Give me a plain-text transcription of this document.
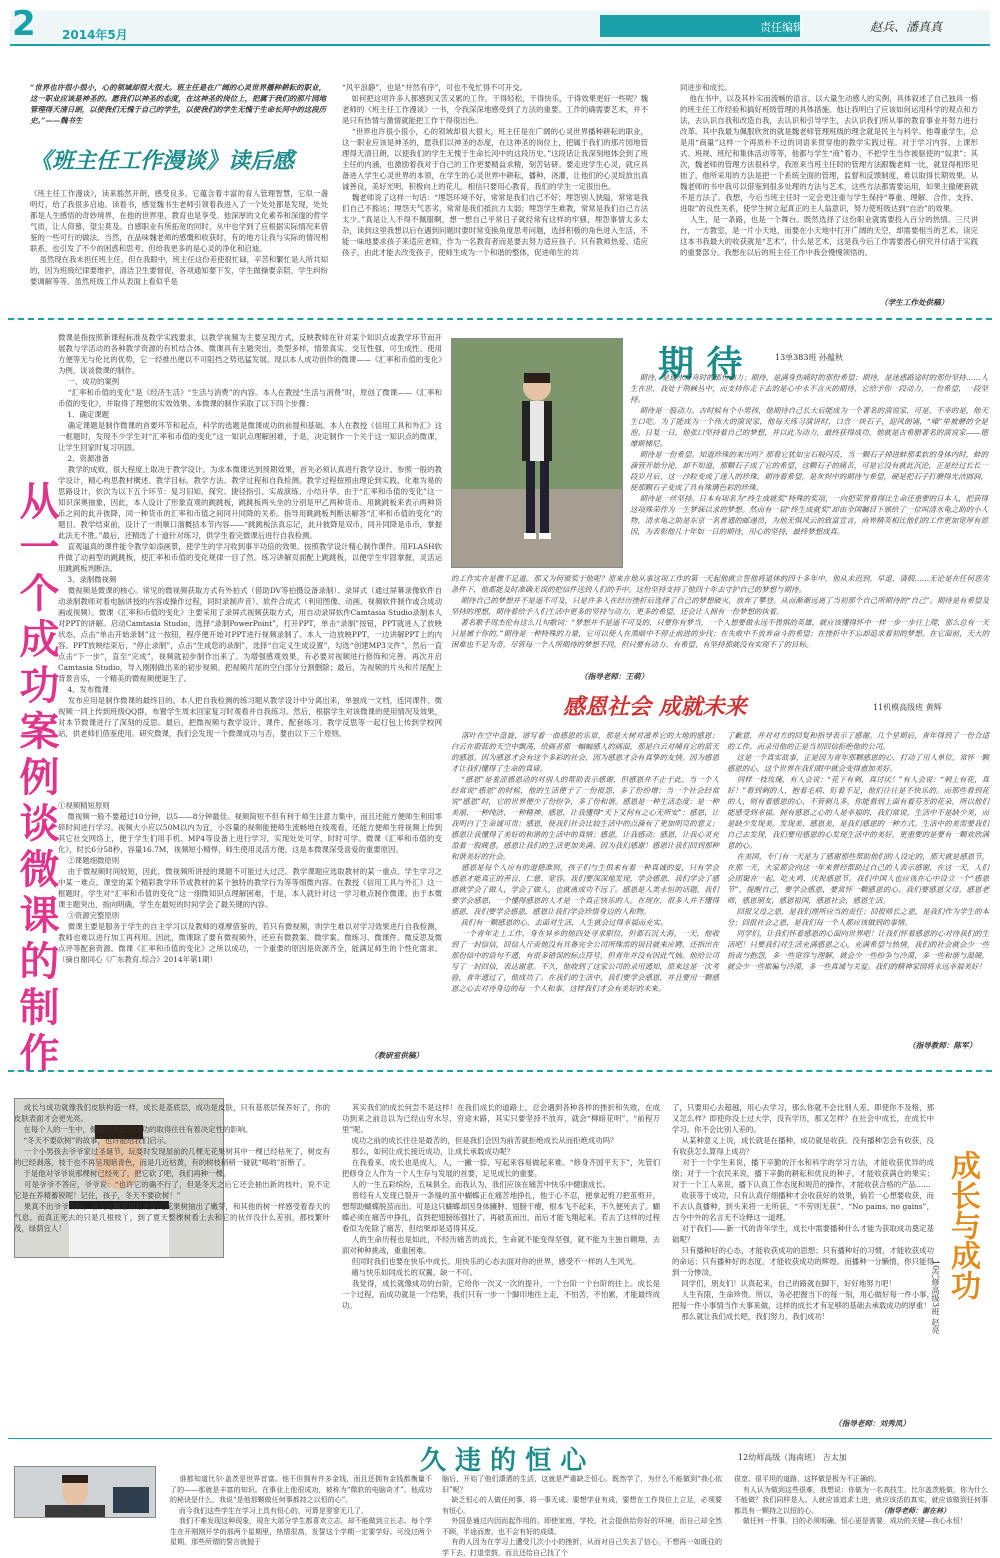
2 2014年5月
责任编辑	赵兵、潘真真
“世界也许很小很小，心的领域却很大很大。班主任是在广阔的心灵世界播种耕耘的职业，这一职业应该是神圣的。愿我们以神圣的态度，在这神圣的岗位上，把属于我们的那片园地管理得天清日朗，以使我们无愧于自己的学生，以使我们的学生无愧于生命长河中的这段历史。”——魏书生
《班主任工作漫谈》读后感
《班主任工作漫谈》，读来豁然开朗，感受良多。它蕴含着丰富的育人管理智慧，它似一盏明灯，给了我很多启迪。读着书，感觉魏书生老师引领着我进入了一个处处都是发现，处处都是人生感悟的奇妙境界，在他的世界里，教育也是享受。他深厚的文化素养和深邃的哲学气质，让人仰慕，望尘莫及。自感职业有所拓宽的同时，从中也学到了应根据实际情况来借鉴的一些可行的做法。当然，在品味魏老师的感慨和收获时，有的地方让我与实际的情况相联系，也引发了不少的困惑和思考。但给我更多的是心灵的净化和启迪。
虽然现在我未担任班主任，但在我眼中，班主任这份差使很忙碌，辛苦和繁忙是人所共知的，因为班级纪律要维护，清洁卫生要督促，各项通知要下发，学生做操要亲陪，学生纠纷要调解等等。虽然班级工作从表面上看似乎是
“风平浪静”，也是“井然有序”，可也不免忙得不可开交。
如何把这项许多人都感到又苦又累的工作，干得轻松，干得快乐，干得效果更好一些呢？魏老师的《班主任工作漫谈》一书，令我深深地感受到了方法的重要。工作的确需要艺术，并不是只有热情与激情就能把工作干得很出色。
“世界也许很小很小，心的领域却很大很大，班主任是在广阔的心灵世界播种耕耘的职业，这一职业应该是神圣的，愿我们以神圣的态度，在这神圣的岗位上，把属于我们的那片园地管理得天清日朗，以使我们的学生无愧于生命长河中的这段历史。”这段话让我深刻地体会到了班主任的内涵，也激励着我对于自己的工作更要精益求精，刻苦钻研。要走进学生心灵，就应具备进入学生心灵世界的本领，在学生的心灵世界中耕耘，播种，浇灌，让他们的心灵绽放出真诚善良，美好光明，积极向上的花儿。相信只要用心教育，我们的学生一定很出色。
魏老师说了这样一句话：“埋怨环境不好，常常是我们自己不好；埋怨别人狭隘，常常是我们自己不豁达；埋怨天气恶劣，常常是我们抵抗力太弱；埋怨学生难教，常常是我们自己方法太少。”真是让人不得不佩服啊，想一想自己平常日子就经常有这样的牢骚，埋怨事情太多太杂，读到这里我想以后在遇到问题时要时常变换角度思考问题，选择积极的角色进入生活，不能一味地要求孩子来适应老师，作为一名教育者而是要去努力适应孩子。只有教师热爱、适应孩子，由此才能去改变孩子，使师生成为一个和谐的整体，促进师生的共
同进步和成长。
他在书中，以及其朴实而流畅的语言，以大量生动感人的实例，具体叙述了自己独具一格的班主任工作经验和搞好班级管理的具体措施。他让我明白了应该如何运用科学的观点和方法，去认识自我和改造自我，去认识和引导学生，去认识我们所从事的教育事业并努力进行改革。其中我最为佩服欣赏的就是魏老师管理班级的理念就是民主与科学。他尊重学生，总是用“商量”这样一个再质朴不过的词语来贯穿他的教学实践过程。对于学习内容、上课形式、班规、班纪和集体活动等等，他都与学生“商”着办，不把学生当作被驱使的“奴隶”；其次，魏老师的管理方法很科学，我原来当班主任时的管理方法跟魏老师一比，就显得相形见拙了，他所采用的方法是把一个系统全面的管理，监督和反馈制度，难以取得长期效果。从魏老师的书中我可以借鉴到很多处理的方法与艺术，这些方法都需要运用，如果主撤硬套就不是方法了。我想，今后当班主任时一定会更注重与学生保持“尊重、理解、合作、支持、进取”的良性关系，使学生树立起真正的主人翁意识，努力使班级达到“自治”的效果。
人生，是一条路，也是一个舞台。既然选择了这份职业就需要投入百分的热情。三尺讲台，一方教室，是一片小天地，而要在小天地中打开广阔的天空，却需要相当的艺术。读完这本书我最大的收获就是“艺术”，什么是艺术，这是我今后工作需要潜心研究并付诸于实践的重要部分。我想在以后的班主任工作中我会慢慢领悟的。
（学生工作处供稿）
从一个成功案例谈微课的制作
微课是指按照新课程标准及教学实践要求，以教学视频为主要呈现方式，反映教师在针对某个知识点或教学环节而开展教与学活动的各种教学资源的有机结合体。微课具有主题突出，类型多样，情景真实、交互性强、可生成性、使用方便等无与伦比的优势，它一经推出便以不可阻挡之势迅猛发展。现以本人成功创作的微课——《汇率和币值的变化》为例，谈谈微课的制作。
一、成功的案例
“汇率和币值的变化”是《经济生活》“生活与消费”的内容。本人在教授“生活与消费”时，原创了微课——《汇率和币值的变化》，并取得了理想的实效效果。本微课的制作采取了以下四个步骤：
1、确定课题
确定课题是制作微课的首要环节和起点，科学的选题是微课成功的前提和基础。本人在教授《信用工具和外汇》这一框题时，发现不少学生对“汇率和币值的变化”这一知识点理解困难，于是，决定制作一个关于这一知识点的微课，让学生回家时复习巩固。
2、资源准备
教学的成败，很大程度上取决于教学设计。为求本微课达到预期效果，首先必须认真进行教学设计。参照一般的教学设计，精心构思教材概述、教学目标、教学方法、教学过程和自我检测。教学过程按照由理论到实践、化难为易的思路设计，依次为以下五个环节：复习旧知、探究、捷径指引、实战演练、小结升华。由于“汇率和币值的变化”这一知识深奥抽象，因此，本人设计了形象直观的跳跳板，跳跳板两头坐的分别是甲乙两种货币。用跳跳板来表示两种货币之间的此升彼降，同一种货币的汇率和币值之间同升同降的关系。指导用跳跳板判断法解答“汇率和币值的变化”的题目。教学结束前，设计了一则顺口溜概括本节内容——“跳跳板法真忘记，此升彼降是双币，同升同降是币币，掌握此法无不胜。”最后，还精选了十道针对练习，供学生看完微课后进行自我检测。
直观逼真的课件能令教学如添画景，使学生的学习收到事半功倍的效果。按照教学设计精心制作课件。用FLASH软件做了动画型的跳跳板，使汇率和币值的变化规律一目了然。练习讲解页面配上跳跳板，以便学生牢固掌握，灵活运用跳跳板判断法。
3、录制微视频
微视频是微课的核心。常见的微视频获取方式有外拍式（借助DV等拍摄设备录制）、录屏式（通过屏幕录像软件自动录制教师对着电脑讲授的内容或操作过程，同时录制声音）、软件合成式（利用图像、动画、视频软件制作或合成动画或视频）。微课《汇率和币值的变化》主要采用了录屏式视频获取方式，用自动录屏软件Camtasia Studio录制本人对PPT的讲解。启动Camtasia Studio，选择“录制PowerPoint”，打开PPT，单击“录制”按钮，PPT就进入了放映状态，点击“单击开始录制”这一按钮，程序便开始对PPT进行视频录制了。本人一边放映PPT，一边讲解PPT上的内容。PPT放映结束后，“停止录制”，点击“生成您的录制”，选择“自定义生成设置”，勾选“创建MP3文件”，然后一直点击“下一步”，直至“完成”，视频就初步制作出来了。为增强感观效果，有必要对视频进行修饰和完善。再次开启Camtasia Studio，导入刚刚做出来的初步视频。把视频片尾的空白部分分割删除；最后，为视频的片头和片尾配上背景音乐，一个精美的微视频便诞生了。
4、发布微课
发布应用是制作微课的最终目的。本人把自我检测的练习题从教学设计中分离出来，单独成一文档，连同课件、微视频一同上传到班级QQ群，布置学生周末回家复习时观看并自我练习。然后，根据学生对该微课的使用情况及效果，对本节微课进行了深刻的反思。最后，把微视频与教学设计、课件、配套练习、教学反思等一起打包上传到学校网站，供老师们借鉴使用。研究微课，我们会发现一个微课成功与否，要由以下三个原则。
①视频精短原则
微视频一般不要超过10分钟，以5——8分钟最佳。视频简短不但有利于师生注意力集中，而且还能方便师生利用零碎时间进行学习。视频大小应以50M以内为宜，小容量的视频能便师生流畅地在线观看，还能方便师生将视频上传到其它社交网络上，便于学生们用手机、MP4等设备上进行学习，实现处处可学，时时可学。微课《汇率和币值的变化》，时长6分58秒，容量16.7M，视频短小精悍，师生使用灵活方便，这是本微课深受喜爱的重要原因。
②课题细微原则
由于微视频时间较短，因此，微视频所讲授的课题不可能过大过泛。教学课题应选取教材的某一重点、学生学习之中某一难点、课堂的某个精彩教学环节或教材的某个独特的教学行为等等细微内容。在教授《信用工具与外汇》这一框题时，学生对“汇率和币值的变化”这一细微知识点理解困难，于是，本人就针对这一学习难点制作微课。由于本微课主题突出，指向明确，学生在最短的时间学会了最关键的内容。
③资源完整原则
微课主要是服务于学生的自主学习以及教师的观摩借鉴的，若只有微视频，则学生难以对学习效果进行自我检测，教师也难以进行加工再利用。因此，微课除了要有微视频外，还应有微教案、微学案、微练习、微课件、微反思及微点评等配套资源。微课《汇率和币值的变化》之所以成功，一个重要的原因是资源齐全，能满足师生的个性化需求。（摘自谢同心《广东教育.综合》2014年第1期）
（教研室供稿）
期 待	13单383班 孙蕴秋
期待，是逆水行舟时的那份动力；期待，是满身伤痛时的那份希望；期待，是迷惑路途时的那份坚持……人生在世，我处于荆棘丛中，而支持你走下去的是心中永不言灭的期待，它给予你一段动力，一份希望，一段坚持。
期待是一股动力。古时候有个小男孩，他期待自己长大后能成为一个著名的演说家，可是，不幸的是，他天生口吃。为了能成为一个伟大的演说家，他每天练习演讲时，口含一块石子，迎风朗诵，“嗓”里被磨的全是泡。日复一日，他张口坚持着自己的梦想，并以此为动力，最终获得成功，他就是古希腊著名的演说家——德摩斯梯尼。
期待是一份希望。知道珍珠的来历吗？那看它犹如宝石般闪亮，当一颗石子掉进蚌那柔软的身体内时，蚌的滴管开始分泌，却不知道，那颗石子成了它的希望，这颗石子的痛苦，可是它没有就此沉沦，正是经过长长一段岁月后，这一沙粒变成了迷人的珍珠。期待着希望，是灰烬中的期待与希望，硬是把石子打磨得光洁圆润，使那颗石子变成了具有珠璃色彩的珍珠。
期待是一丝坚持。日本有项名为“终生成就奖”特殊的奖项，一向把荣誉看得比生命还重要的日本人，把获得这项殊荣作为一生梦寐以求的梦想。然而有一届“终生成就奖”却由全国瞩目下颁给了一位叫清水龟之助的小人物，清水龟之助是东京一名普通的邮递员，为他无惧风云的致富宣言，商界精英相比他们的工作更加宽厚有原因，为表彰他几十年如一日的期待，用心的坚持，最终梦想成真。
的工作实在是微不足道。那又为何颁奖于他呢？原来在他从事这项工作的第一天起他就立誓他将退休的四十多年中，他从未迟到，早退、请假……无论是在任何恶劣条件下，他都能及时准确无误的把信件送到人们的手中。这份坚持支持了他四十年去守护自己的梦想与期待。
期待自己的梦想并不是遥不可及，只是许多人在经历挫折后选择了自己的梦想破灭，放弃了攀登。从而渐渐远离了当初那个自己所期待的“自己”。期待是有希望及坚持的理想，期待着给予人们生活中更多的坚持与动力，更多的希望，还会让人拥有一份梦想的执着。
著名歌手周杰伦有这么几句歌词：“梦想并不是遥不可及的，只要你有梦当，一个人想要做永远不畏惧的英雄，就应该懂得怀中一样一步一步往上爬，那么总有一天只是属于你的。”期待是一种特殊的力量，它可以使人在黑暗中不停止前进的步伐；在失败中不放弃奋斗的希望；在挫折中不忘却追求着初的梦想。在它面前，天大的困难也不足为奇，尽管每一个人所期待的梦想不同，但只要有动力、有希望、有坚持那就没有实现不了的目标。
（指导老师：王萌）
感恩社会 成就未来	11机模高级班 黄辉
落叶在空中盘旋，谱写着一曲感恩的乐章，那是大树对滋养它的大地的感恩；白云在蔚蓝的天空中飘荡，给画者那一幅幅感人的画面，那是白云对哺育它的蓝天的感恩。因为感恩才会有这个多彩的社会，因为感恩才会有真挚的友情。因为感恩才让我们懂得了生命的真谛。
“感恩”是羞涩感恩动的对别人的帮助表示感谢，但感恩并不止于此。当一个人经常说“感恩”的时候，他的生活便于了一份报怨，多了份纷增；当一个社会经常说“感恩”时，它的世界便少了份纷争，多了份和谐。感恩是一种生活态度；是一种美丽，一种纯洁，一种精神。感恩，让我懂得“天下又何有之心无所安”；感恩，让我明白了生命诚可贵；感恩，使我们社会比较生活中的点滴有了更加明亮的意义；感恩让我懂得了美好的和谐的生活中的真情；感恩，让我感动；感恩，让我心灵充盈着一股暖意。感恩让我们的生活更加美满。因为我们感谢！感恩让我们回到那种和谐美好的社会。
感恩是每个人应有的道德准则，孩子们与生俱来有着一种真诚的爱，只有学会感恩才能真正的善良、仁慈、宽容。我们要深深地发现，学会感恩，我们学会了感恩就学会了做人，学会了做人，也就离成功不远了。感恩是人类永恒的话题，我们要学会感恩，一个懂得感恩的人才是一个真正快乐的人。在现在，很多人并不懂得感恩，我们要学会感恩，感恩让我们学会珍惜身边的人和物。
我们有一颗感恩的心，去面对生活，人生就会过得幸福而充实。
一个青年走上工作，身在异乡的他四处寻求职位，但都石沉大海。一天，他收到了一封信信，回信人斤责他没有具备完全公司所珠需的项目就来应聘，还指出在那份信中的语句不通，有很多错误的标点符号，但青年并没有因此气恼。他给公司写了一封回信，表达谢意。不久，他收到了这家公司的录用通知，原来这是一次考验，青年通过了，他成功了。在我们的生活中，我们要学会感恩，并且要用一颗感恩之心去对待身边的每一个人和事，这样我们才会有美好的未来。
了歉意，并对对方的回复和指导表示了感谢。几个星期后，青年得到了一份合适的工作。而录用他的正是当初回信拒绝他的公司。
这是一个真实故事，正是因为青年那颗感恩的心，打动了用人单位。常怀一颗感恩的心，这个世界在我们眼中就会变得愈加美好。
同样一枝玫瑰，有人会说：“花下有刺，真讨厌！”有人会说：“刺上有花，真好！”看到刺的人，抱着毛病、盯着不足，他们往往是不快乐的。而那些看到花的人，则有着感恩的心，不管刺儿多，你能看到上面有着芬芳的花朵，所以他们能感受到幸福。拥有感恩之心的人是幸福的，我们常说，生活中不是缺少美，而是缺少发现美。发现美、感恩美，是我们感恩的一种方式。生活中的美需要我们自己去发现，我们要用感恩的心发现生活中的美好，更重要的是要有一颗欢欣满意的心。
在美国，专门有一天是为了感谢那些帮助他们的人设定的，那天就是感恩节，在那一天，大家都会向这一年来曾经帮助过自己的人表示感谢，在这一天，人们会团聚在一起，吃火鸡，庆祝感恩节。我们中国人也应该在心中设立一个“感恩节”，提醒自己，要学会感恩，要常怀一颗感恩的心。我们要感恩父母，感恩老师，感恩朋友，感恩祖国，感恩社会，感恩生活。
回报父母之恩，是我们理所应当的责任；回报师长之恩，是我们作为学生的本分；回报社会之恩，是我们每一个人都应该做到的事情。
同学们，让我们怀着感恩的心面向世界吧！让我们怀着感恩的心对待我们的生活吧！只要我们对生活充满感恩之心，充满希望与热情，我们的社会就会少一些指责与抱怨，多一些宽容与理解，就会少一些纷争与冷漠，多一些和谐与温暖，就会少一些欺骗与冷漠，多一些真诚与关爱。我们的精神家园将永远幸福美好！
（指导教师：陈军）
成长与成功就像我们皮肤构造一样，成长是基底层，成功是皮肤，只有基底层保养好了，你的皮肤表面才会更光亮。
在每个人的一生中，健康的成长对成功的取得往往有着决定性的影响。
“冬天不要砍树”的故事，也许能给我们启示。
一个小男孩去爷爷家过圣诞节，玩耍时发现屋前的几棵无花果树其中一棵已经枯死了，树皮有的已经剥落，枝干也不再呈现暗青色，而是几近枯黄，有的树枝稍稍一碰就“喝哟”折断了。
于是他对爷爷说那棵树已经死了，把它砍了吧，我们再种一棵。
可是爷爷不答应，爷爷说：“也许它的确不行了，但是冬天之后它还会抽出新的枝叶，说不定它是在养精蓄锐呢！记住，孩子，冬天不要砍树！”
果真不出爷爷所料，春天这颗看似枯死的无花果树抽出了嫩芽，和其他的树一样感受着春天的气息。而真正死去的只是几根枝丫，到了夏天整棵树看上去和它的伙伴没什么差别，都枝繁叶茂，绿荫宜人！
其实我们的成长何尝不是这样！在我们成长的道路上，总会遇到各种各样的挫折和失败，在成功到来之前总以为已经山穷水尽，穷途末路，其实只要坚持不放弃，就会“柳暗花明”、“前程万里”呢。
成功之前的成长往往是最苦的，但是我们会因为前苦就拒绝成长从而拒绝成功吗？
那么，如何让成长接近成功，让成长承载成功呢？
在我看来，成长也是成人，人，一撇一捺，写起来容易做起来难。“修身齐国平天下”，先管们把修身立人作为一个人生存与发展的首要，足见成长的重要。
人的一生五彩缤纷，五味俱全。而我认为，我们应该在痛苦中快乐中健康成长。
曾经有人发现已裂开一条缝的茧中蝴蝶正在痛苦地挣扎，他于心不忍，便拿起剪刀把茧剪开，想帮助蝴蝶脱茧而出。可是这只蝴蝶却因身体臃肿、翅膀干瘪，根本飞不起来，不久便死去了。蝴蝶必须在痛苦中挣扎，直到把翅膀练强壮了，再破茧而出，而后才能飞翔起来。若去了这样的过程看似为免除了痛苦，但结果却是适得其反。
人的生命历程也是如此，不经历痛苦的成长，生命就不能变得坚强，就不能为主独自翱翔，去面对种种挑战，重重困难。
但同时我们也要在快乐中成长。用快乐的心态去面对你的世界，感受不一样的人生风光。
痛与快乐如同成长的双翼，缺一不可。
我觉得，成长就像成功的台阶，它给你一次又一次的提升，一个台阶一个台阶的往上。成长是一个过程，而成功就是一个结果，我们只有一步一个脚印地往上走，不怕苦，不怕累，才能最终成功。
了，只要用心去超越，用心去学习，那么你就不会比别人差。即使你不及格，那又怎么样？即使你没上过大学，没有学历，那又怎样？在社会中成长，在成长中学习，你不会比别人差的。
从某种意义上说，成长就是在播种，成功就是收获。没有播种怎会有收获，没有收获怎么算得上成功？
对于一个学生来说，播下辛勤的汗水和科学的学习方法，才能收获优异的成绩；对于一个农民来说，播下辛勤的耕耘和优良的种子，才能收获满仓的果实；对于一个工人来说，播下认真工作态度和规范的操作，才能收获合格的产品……
收获等于成功，只有认真仔细播种才会收获好的效果，倘若一心想要收获，而不去认真播种，到头来将一无所获。“不劳则无获”、“No pains, no gains”，古今中外的名言无不诠释这一道理。
对于我们——新一代的青年学生，成长中需要播种什么才能为获取成功奠定基础呢？
只有播种好的心态，才能收获成功的思想；只有播种好的习惯，才能收获成功的命运；只有播种好的态度，才能收获成功的辉煌。而播种一分懒惰，你只能得到一分惨淡。
同学们，朋友们！认真起来，自己的路就在脚下，好好地努力吧！
人生有限，生命珍贵。所以，务必把握当下的每一刻，用心做好每一件小事，把每一件小事情当作大事来做，这样的成长才有足够的基础去承载成功的厚重！
那么就让我们成长吧，我们努力，我们成功！
成长与成功
10汽修高级3班 赵亮
（指导老师：刘秀凤）
久 违 的 恒 心	12幼师高级（海南班） 吉太加
谁都知道比尔·盖茨是世界首富。他不但拥有许多金钱，而且还拥有金钱都衡量不了的——那就是丰富的知识。在事业上他很成功，被称为“微软的电脑奇才”。他成功的秘诀是什么，我说“是他那颗做任何事都持之以恒的心”。
而今我们这些学生在学习上具有恒心的，可算是寥寥无几了。
我们不难发现这种现象，现在大部分学生都喜欢立志，却不能做到立长志。每个学生在开刚刚开学的那两个星期里，热情很高，发誓这个学期一定要学好。可没过两个星期，那些所谓的誓言就抛于
脑后，开始了他们潇洒的生活，这就是严重缺乏恒心。既然学了，为什么不能做到“我心依旧”呢？
缺乏恒心的人做任何事，将一事无成。要想学业有成，要想在工作岗位上立足，必须要有恒心。
外国是通过内因而起作用的。即使家庭、学校、社会提供给你好的环境，而自己却全然不顾，半途而废，也不会有好的成绩。
有的人因为在学习上遭受几次小小的挫折，从而对自己失去了信心，不想再一如既往的学下去，打退堂鼓，而且还给自己找了个
很宽、很平坦的道路，这样做是极为不正确的。
有人认为做到这些很难，我想说：你做为一名高技生，比尔盖茨能做，你为什么不能做？我们同样是人。人就应该追求上进，就应该活的真实，就应该做到任何事都具有一颗持之以恒的心。
做任何一件事，目的必须明确，恒心更是需要，成功的关键—我心永恒！
（指导老师：谢在林）
